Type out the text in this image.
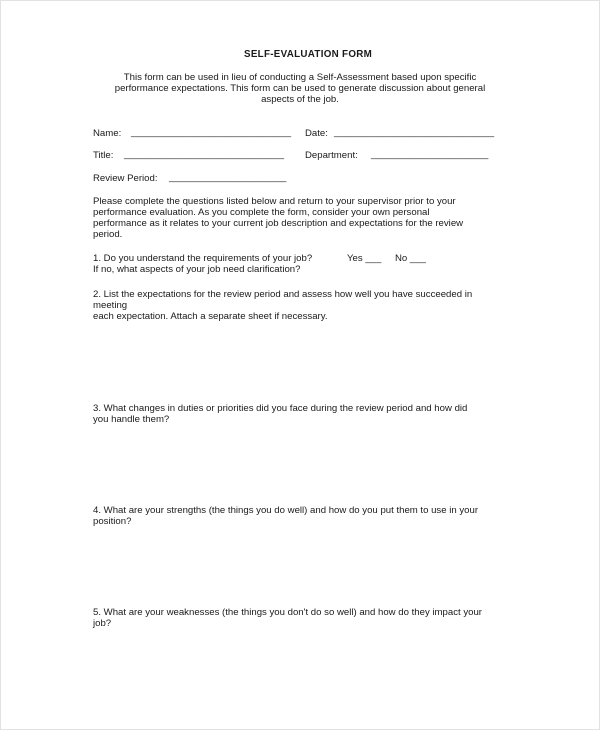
SELF-EVALUATION FORM
This form can be used in lieu of conducting a Self-Assessment based upon specific
performance expectations. This form can be used to generate discussion about general
aspects of the job.
Name: ______________________________ Date: ______________________________
Title: ______________________________ Department: ______________________
Review Period: ______________________
Please complete the questions listed below and return to your supervisor prior to your
performance evaluation. As you complete the form, consider your own personal
performance as it relates to your current job description and expectations for the review
period.
1. Do you understand the requirements of your job?	Yes ___ No ___
If no, what aspects of your job need clarification?
2. List the expectations for the review period and assess how well you have succeeded in
meeting
each expectation. Attach a separate sheet if necessary.
3. What changes in duties or priorities did you face during the review period and how did
you handle them?
4. What are your strengths (the things you do well) and how do you put them to use in your
position?
5. What are your weaknesses (the things you don't do so well) and how do they impact your
job?
